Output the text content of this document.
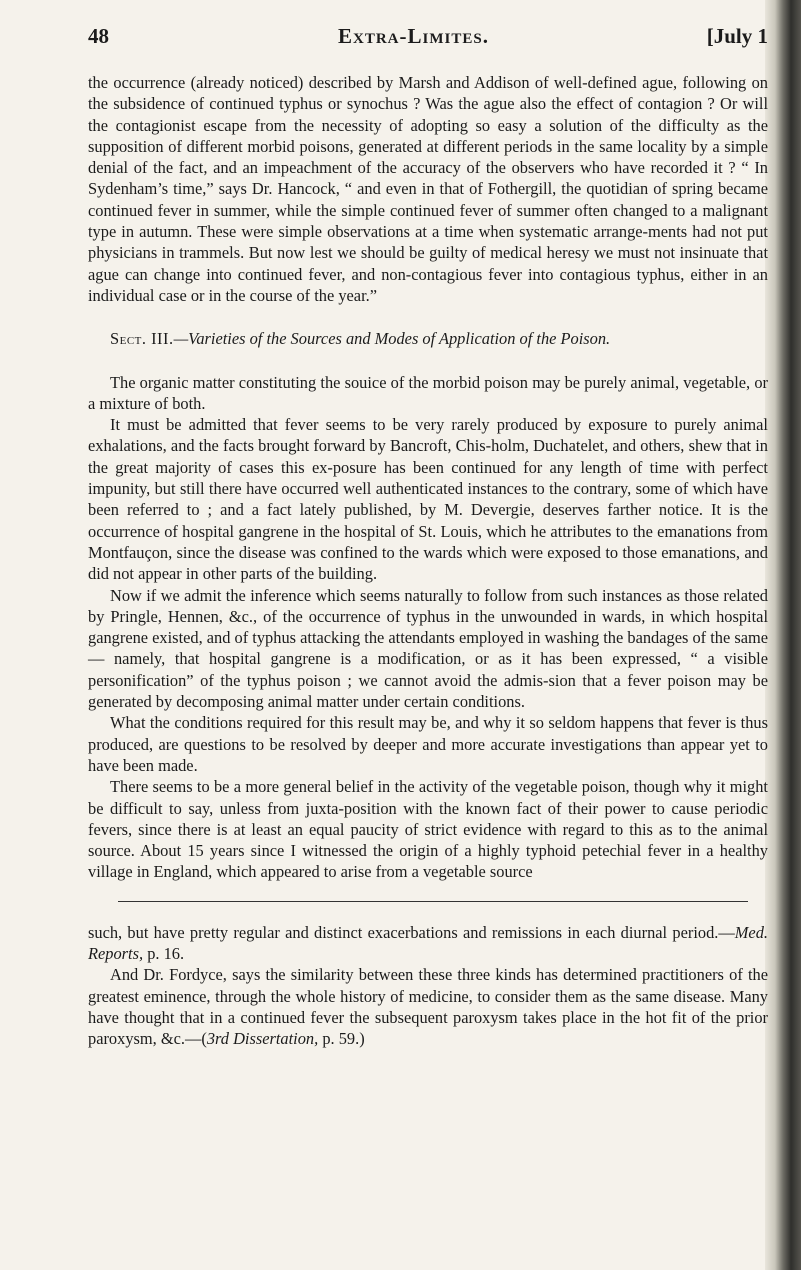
48	Extra-Limites.	[July 1

the occurrence (already noticed) described by Marsh and Addison of well-defined ague, following on the subsidence of continued typhus or synochus ? Was the ague also the effect of contagion ? Or will the contagionist escape from the necessity of adopting so easy a solution of the difficulty as the supposition of different morbid poisons, generated at different periods in the same locality by a simple denial of the fact, and an impeachment of the accuracy of the observers who have recorded it ? “ In Sydenham’s time,” says Dr. Hancock, “ and even in that of Fothergill, the quotidian of spring became continued fever in summer, while the simple continued fever of summer often changed to a malignant type in autumn. These were simple observations at a time when systematic arrange-ments had not put physicians in trammels. But now lest we should be guilty of medical heresy we must not insinuate that ague can change into continued fever, and non-contagious fever into contagious typhus, either in an individual case or in the course of the year.”

Sect. III.—Varieties of the Sources and Modes of Application of the Poison.

The organic matter constituting the souice of the morbid poison may be purely animal, vegetable, or a mixture of both.

It must be admitted that fever seems to be very rarely produced by exposure to purely animal exhalations, and the facts brought forward by Bancroft, Chis-holm, Duchatelet, and others, shew that in the great majority of cases this ex-posure has been continued for any length of time with perfect impunity, but still there have occurred well authenticated instances to the contrary, some of which have been referred to ; and a fact lately published, by M. Devergie, deserves farther notice. It is the occurrence of hospital gangrene in the hospital of St. Louis, which he attributes to the emanations from Montfauçon, since the disease was confined to the wards which were exposed to those emanations, and did not appear in other parts of the building.

Now if we admit the inference which seems naturally to follow from such instances as those related by Pringle, Hennen, &c., of the occurrence of typhus in the unwounded in wards, in which hospital gangrene existed, and of typhus attacking the attendants employed in washing the bandages of the same— namely, that hospital gangrene is a modification, or as it has been expressed, “ a visible personification” of the typhus poison ; we cannot avoid the admis-sion that a fever poison may be generated by decomposing animal matter under certain conditions.

What the conditions required for this result may be, and why it so seldom happens that fever is thus produced, are questions to be resolved by deeper and more accurate investigations than appear yet to have been made.

There seems to be a more general belief in the activity of the vegetable poison, though why it might be difficult to say, unless from juxta-position with the known fact of their power to cause periodic fevers, since there is at least an equal paucity of strict evidence with regard to this as to the animal source. About 15 years since I witnessed the origin of a highly typhoid petechial fever in a healthy village in England, which appeared to arise from a vegetable source

such, but have pretty regular and distinct exacerbations and remissions in each diurnal period.—Med. Reports, p. 16.

And Dr. Fordyce, says the similarity between these three kinds has determined practitioners of the greatest eminence, through the whole history of medicine, to consider them as the same disease. Many have thought that in a continued fever the subsequent paroxysm takes place in the hot fit of the prior paroxysm, &c.—(3rd Dissertation, p. 59.)
